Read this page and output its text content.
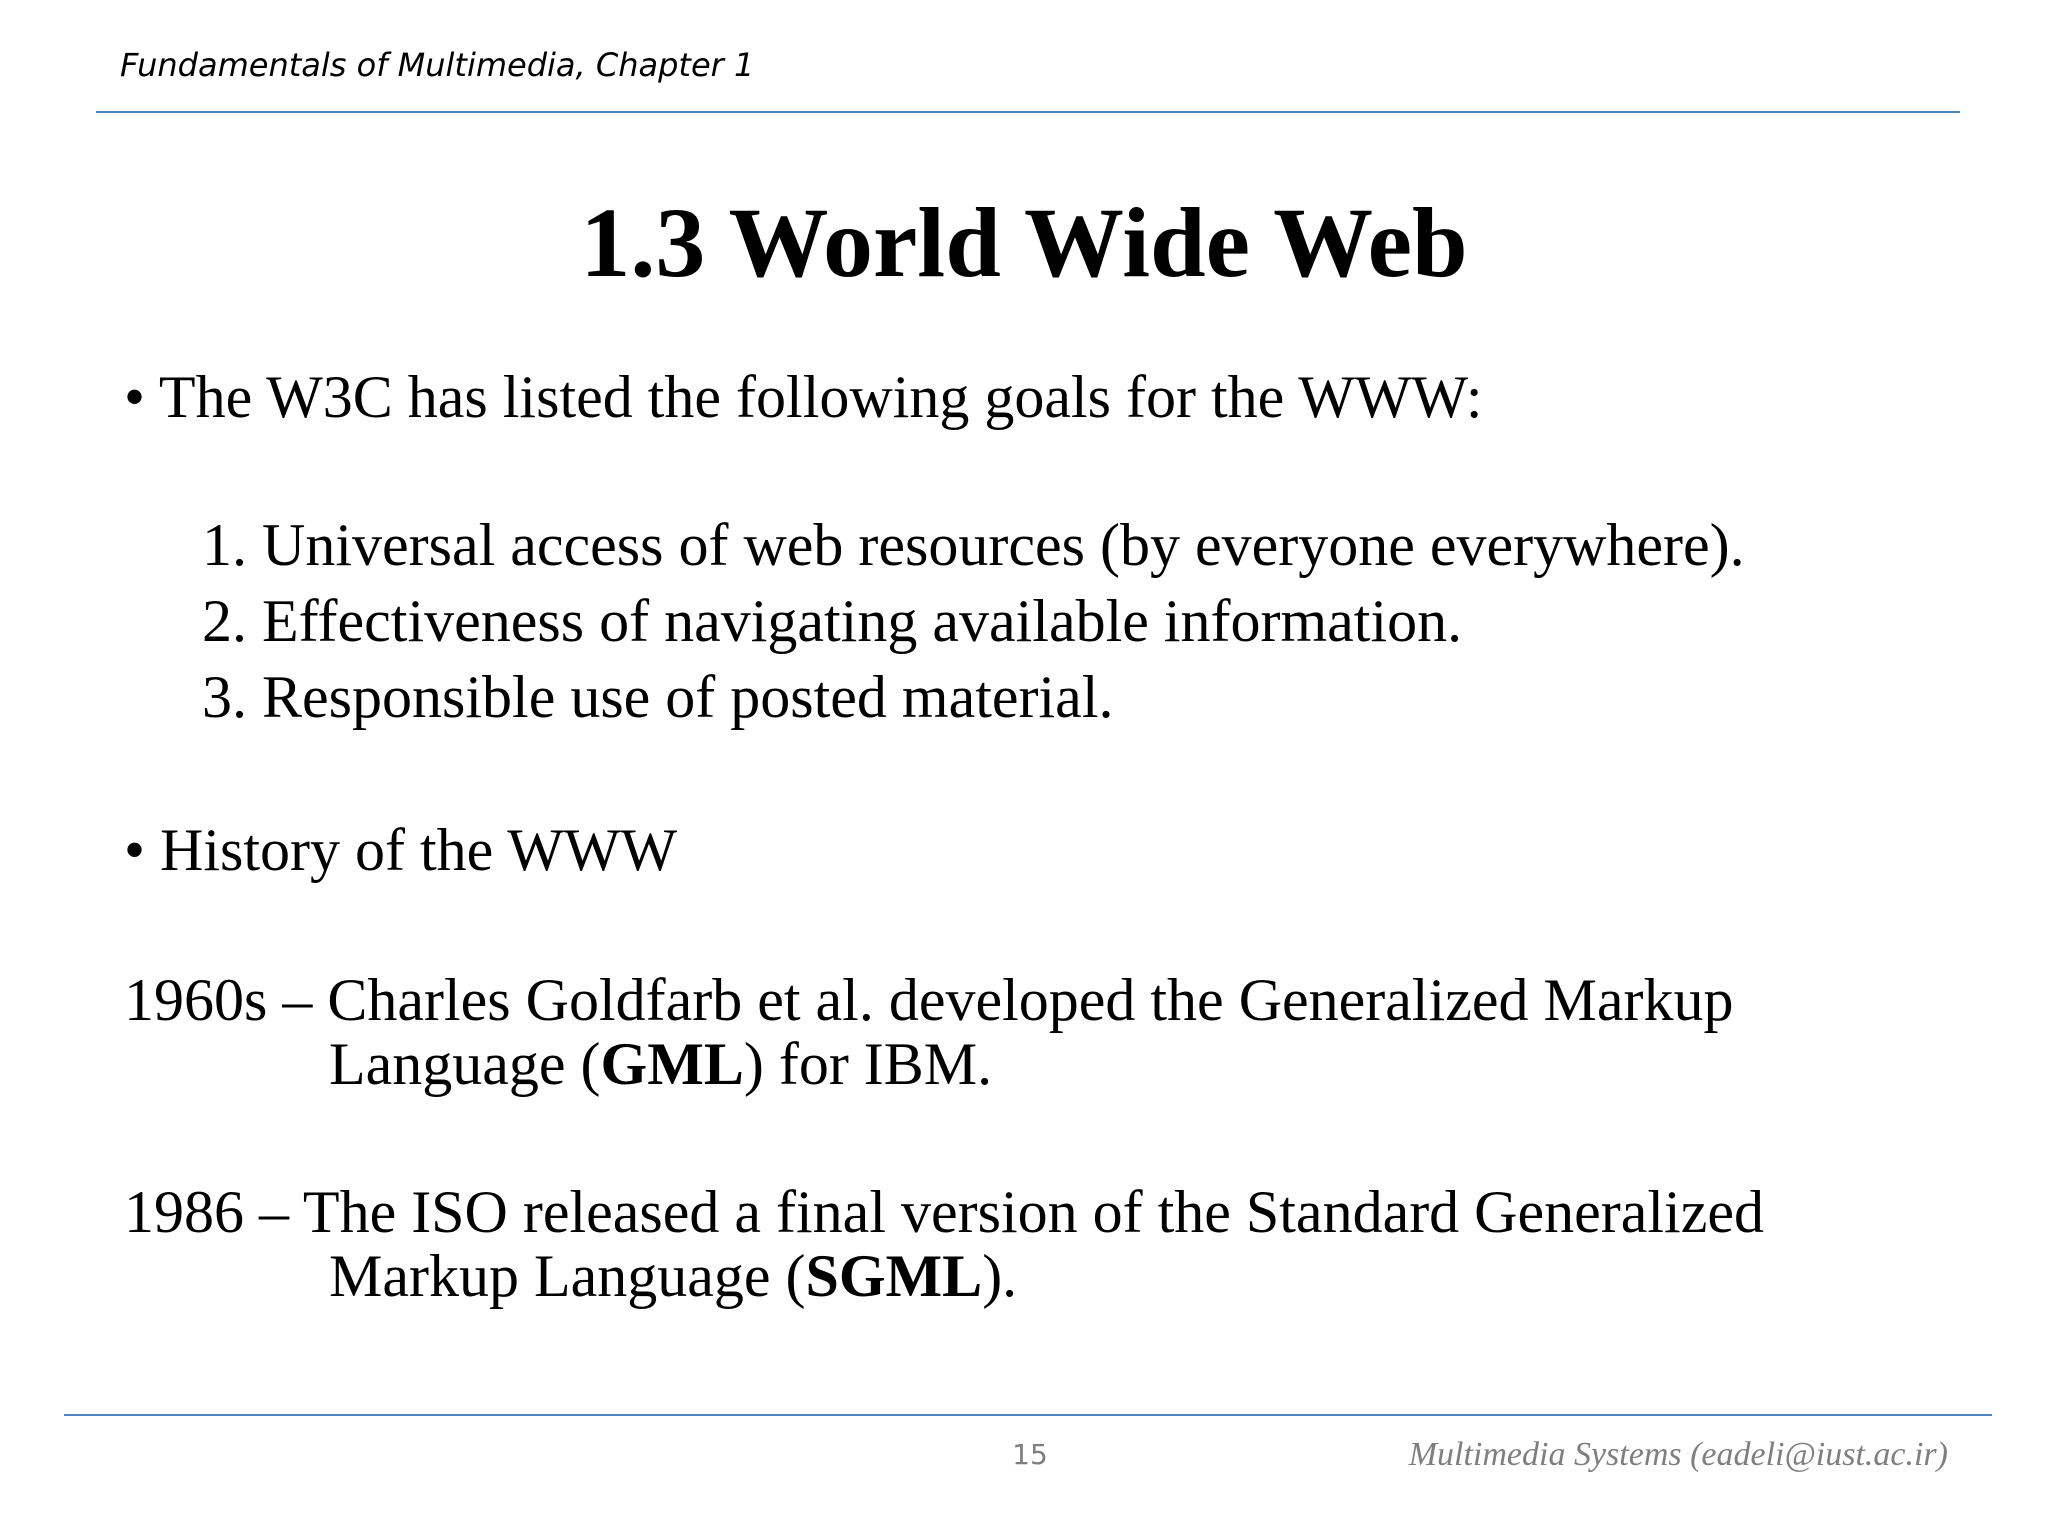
Fundamentals of Multimedia, Chapter 1
1.3 World Wide Web
• The W3C has listed the following goals for the WWW:
1. Universal access of web resources (by everyone everywhere).
2. Effectiveness of navigating available information.
3. Responsible use of posted material.
• History of the WWW
1960s – Charles Goldfarb et al. developed the Generalized Markup
Language (GML) for IBM.
1986 – The ISO released a final version of the Standard Generalized
Markup Language (SGML).
15	Multimedia Systems (eadeli@iust.ac.ir)
